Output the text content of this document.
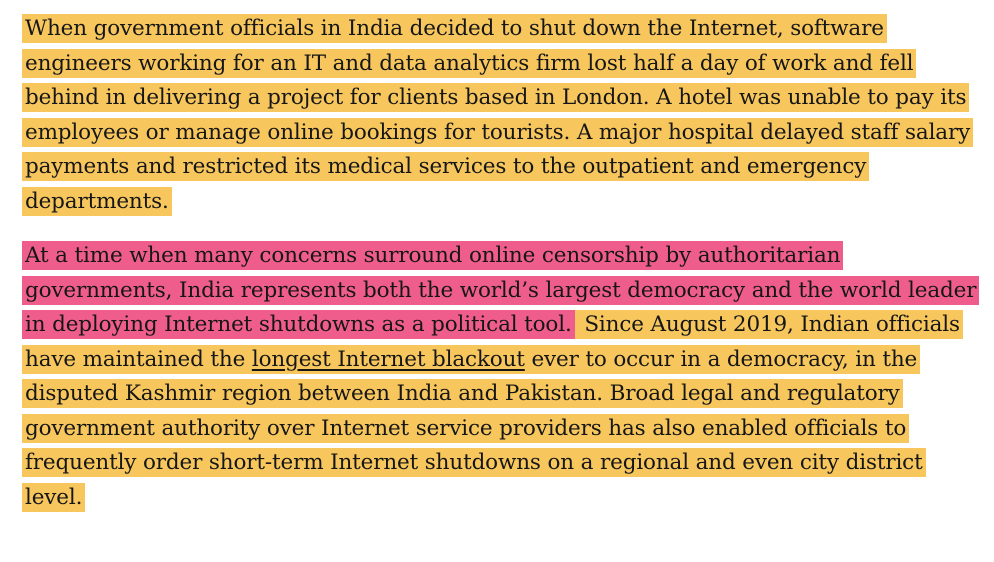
When government officials in India decided to shut down the Internet, software
engineers working for an IT and data analytics firm lost half a day of work and fell
behind in delivering a project for clients based in London. A hotel was unable to pay its
employees or manage online bookings for tourists. A major hospital delayed staff salary
payments and restricted its medical services to the outpatient and emergency
departments.

At a time when many concerns surround online censorship by authoritarian
governments, India represents both the world’s largest democracy and the world leader
in deploying Internet shutdowns as a political tool. Since August 2019, Indian officials
have maintained the longest Internet blackout ever to occur in a democracy, in the
disputed Kashmir region between India and Pakistan. Broad legal and regulatory
government authority over Internet service providers has also enabled officials to
frequently order short-term Internet shutdowns on a regional and even city district
level.
